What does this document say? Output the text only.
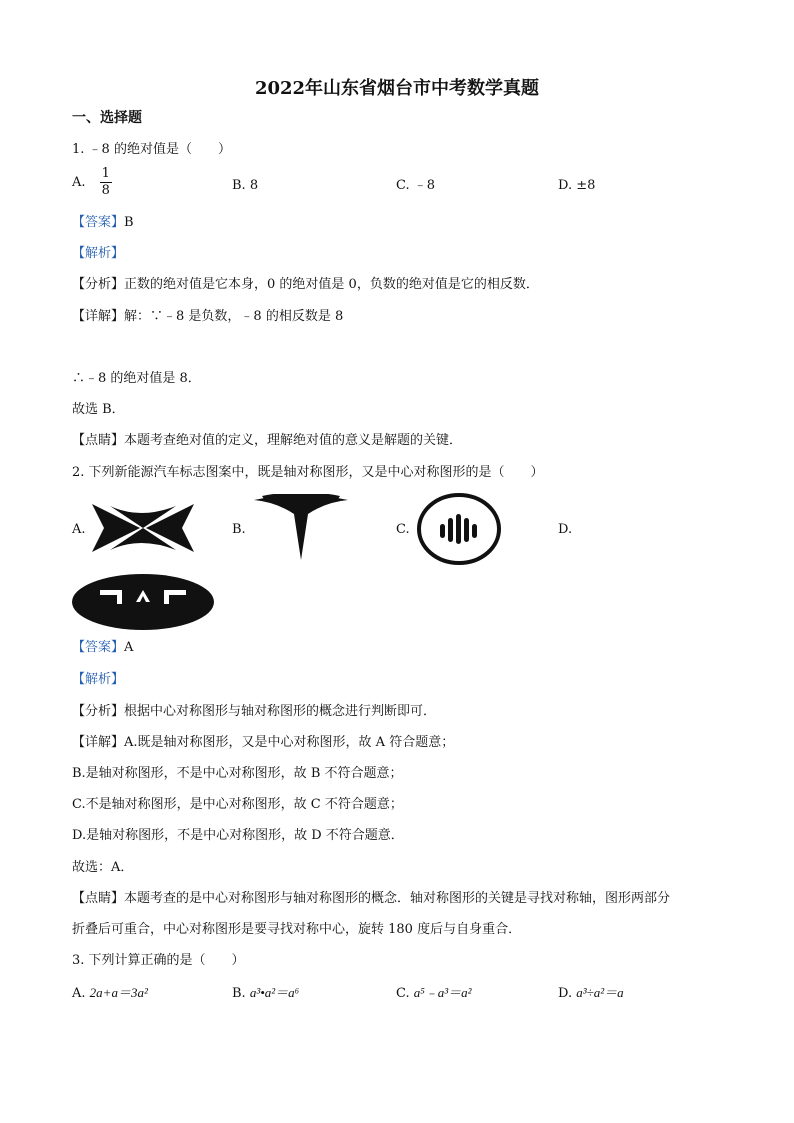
2022年山东省烟台市中考数学真题
一、选择题
1. ﹣8 的绝对值是（　　）
A. $\frac{1}{8}$	B. 8	C. ﹣8	D. ±8
【答案】B
【解析】
【分析】正数的绝对值是它本身，0 的绝对值是 0，负数的绝对值是它的相反数．
【详解】解：∵﹣8 是负数，﹣8 的相反数是 8
∴﹣8 的绝对值是 8．
故选 B．
【点睛】本题考查绝对值的定义，理解绝对值的意义是解题的关键．
2. 下列新能源汽车标志图案中，既是轴对称图形，又是中心对称图形的是（　　）
A.	B.	C.	D.
【答案】A
【解析】
【分析】根据中心对称图形与轴对称图形的概念进行判断即可．
【详解】A.既是轴对称图形，又是中心对称图形，故 A 符合题意；
B.是轴对称图形，不是中心对称图形，故 B 不符合题意；
C.不是轴对称图形，是中心对称图形，故 C 不符合题意；
D.是轴对称图形，不是中心对称图形，故 D 不符合题意．
故选：A．
【点睛】本题考查的是中心对称图形与轴对称图形的概念．轴对称图形的关键是寻找对称轴，图形两部分
折叠后可重合，中心对称图形是要寻找对称中心，旋转 180 度后与自身重合．
3. 下列计算正确的是（　　）
A. 2a+a＝3a²	B. a³•a²＝a⁶	C. a⁵﹣a³＝a²	D. a³÷a²＝a
